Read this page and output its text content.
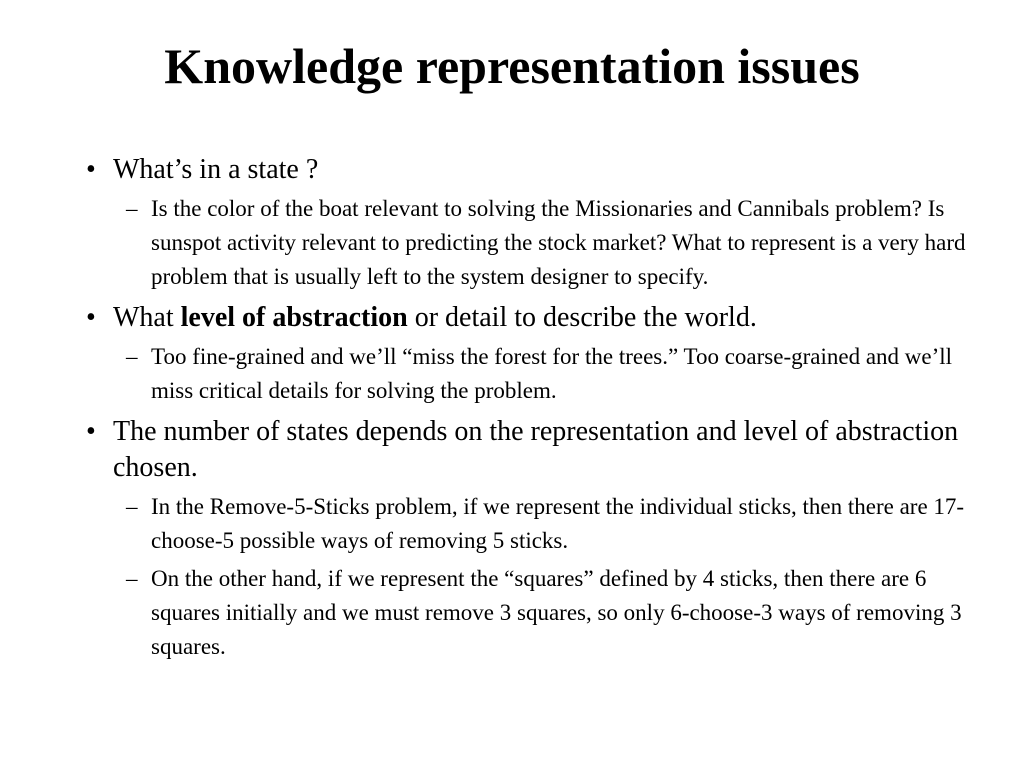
Knowledge representation issues
• What’s in a state ?
– Is the color of the boat relevant to solving the Missionaries and Cannibals problem? Is sunspot activity relevant to predicting the stock market? What to represent is a very hard problem that is usually left to the system designer to specify.
• What level of abstraction or detail to describe the world.
– Too fine-grained and we’ll “miss the forest for the trees.” Too coarse-grained and we’ll miss critical details for solving the problem.
• The number of states depends on the representation and level of abstraction chosen.
– In the Remove-5-Sticks problem, if we represent the individual sticks, then there are 17-choose-5 possible ways of removing 5 sticks.
– On the other hand, if we represent the “squares” defined by 4 sticks, then there are 6 squares initially and we must remove 3 squares, so only 6-choose-3 ways of removing 3 squares.
